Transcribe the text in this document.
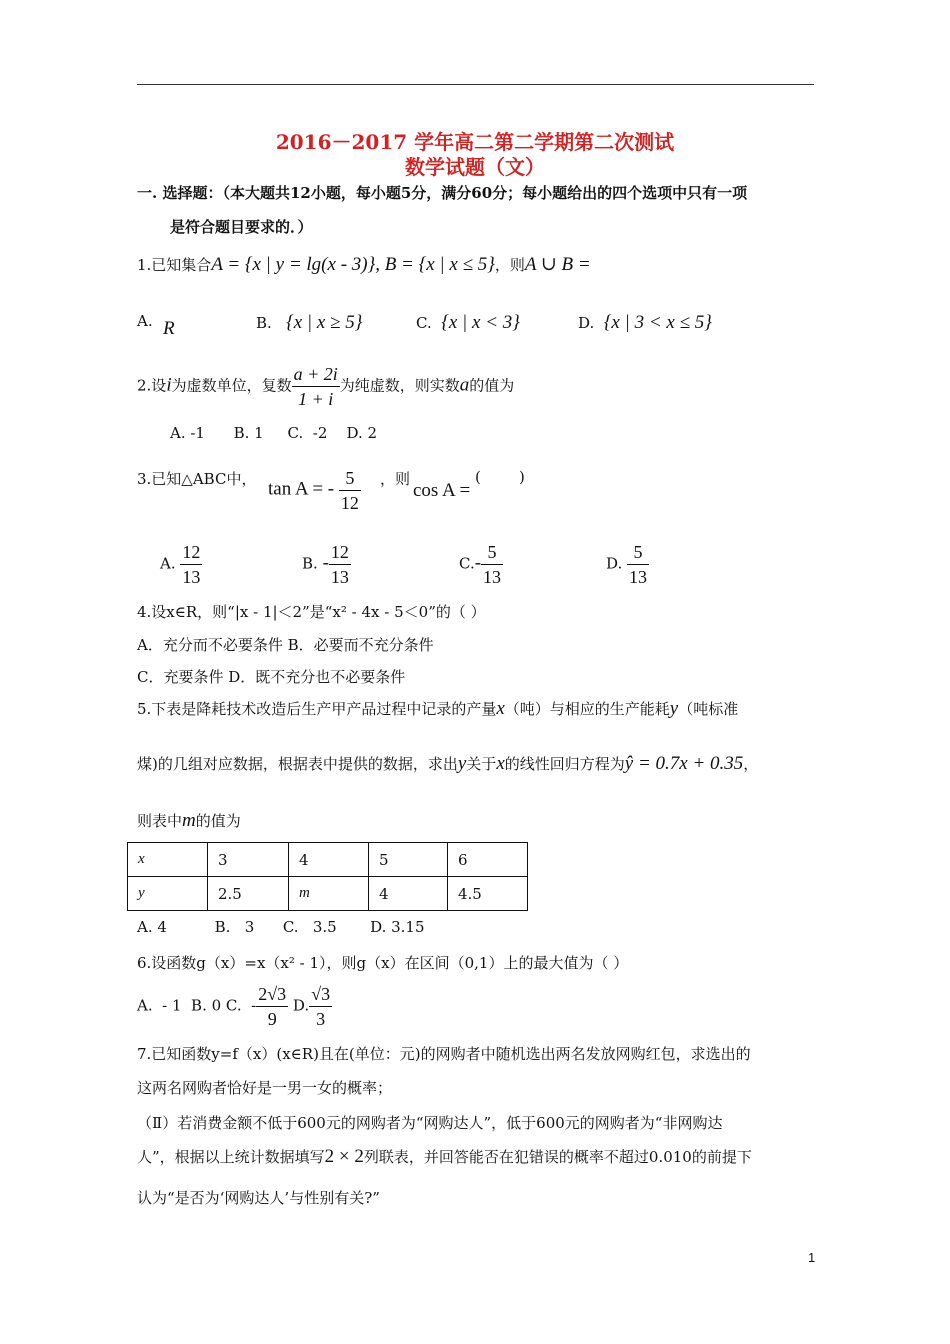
2016－2017 学年高二第二学期第二次测试
数学试题（文）
一. 选择题：（本大题共12小题，每小题5分，满分60分；每小题给出的四个选项中只有一项
是符合题目要求的．）
1.已知集合A = {x | y = lg(x - 3)}, B = {x | x ≤ 5}，则A ∪ B =
A. R	B. {x | x ≥ 5}	C. {x | x < 3}	D. {x | 3 < x ≤ 5}
2.设i为虚数单位，复数 $\frac{a + 2i}{1 + i}$ 为纯虚数，则实数a的值为
A. -1      B. 1     C.  -2    D. 2
3.已知△ABC中， tan A = - $\frac{5}{12}$ ，则
cos A =
(        )
A. $\frac{12}{13}$	B. - $\frac{12}{13}$	$C.- \frac{5}{13}$	D. $\frac{5}{13}$
4.设x∈R，则“|x - 1|＜2”是“x² - 4x - 5＜0”的（ ）
A．充分而不必要条件 B．必要而不充分条件
C．充要条件 D．既不充分也不必要条件
5.下表是降耗技术改造后生产甲产品过程中记录的产量x（吨）与相应的生产能耗y（吨标准
煤)的几组对应数据，根据表中提供的数据，求出y关于x的线性回归方程为ŷ = 0.7x + 0.35，
则表中m的值为
x	3	4	5	6
y	2.5	m	4	4.5
A. 4          B.   3      C.   3.5       D. 3.15
6.设函数g（x）=x（x² - 1），则g（x）在区间（0,1）上的最大值为（ ）
A.  - 1  B. 0 C.  - $\frac{2√3}{9} D$. $\frac{√3}{3}$
7.已知函数y=f（x）(x∈R)且在(单位：元)的网购者中随机选出两名发放网购红包，求选出的
这两名网购者恰好是一男一女的概率；
（Ⅱ）若消费金额不低于600元的网购者为“网购达人”，低于600元的网购者为“非网购达
人”，根据以上统计数据填写2 × 2列联表，并回答能否在犯错误的概率不超过0.010的前提下
认为“是否为‘网购达人’与性别有关?”
1
